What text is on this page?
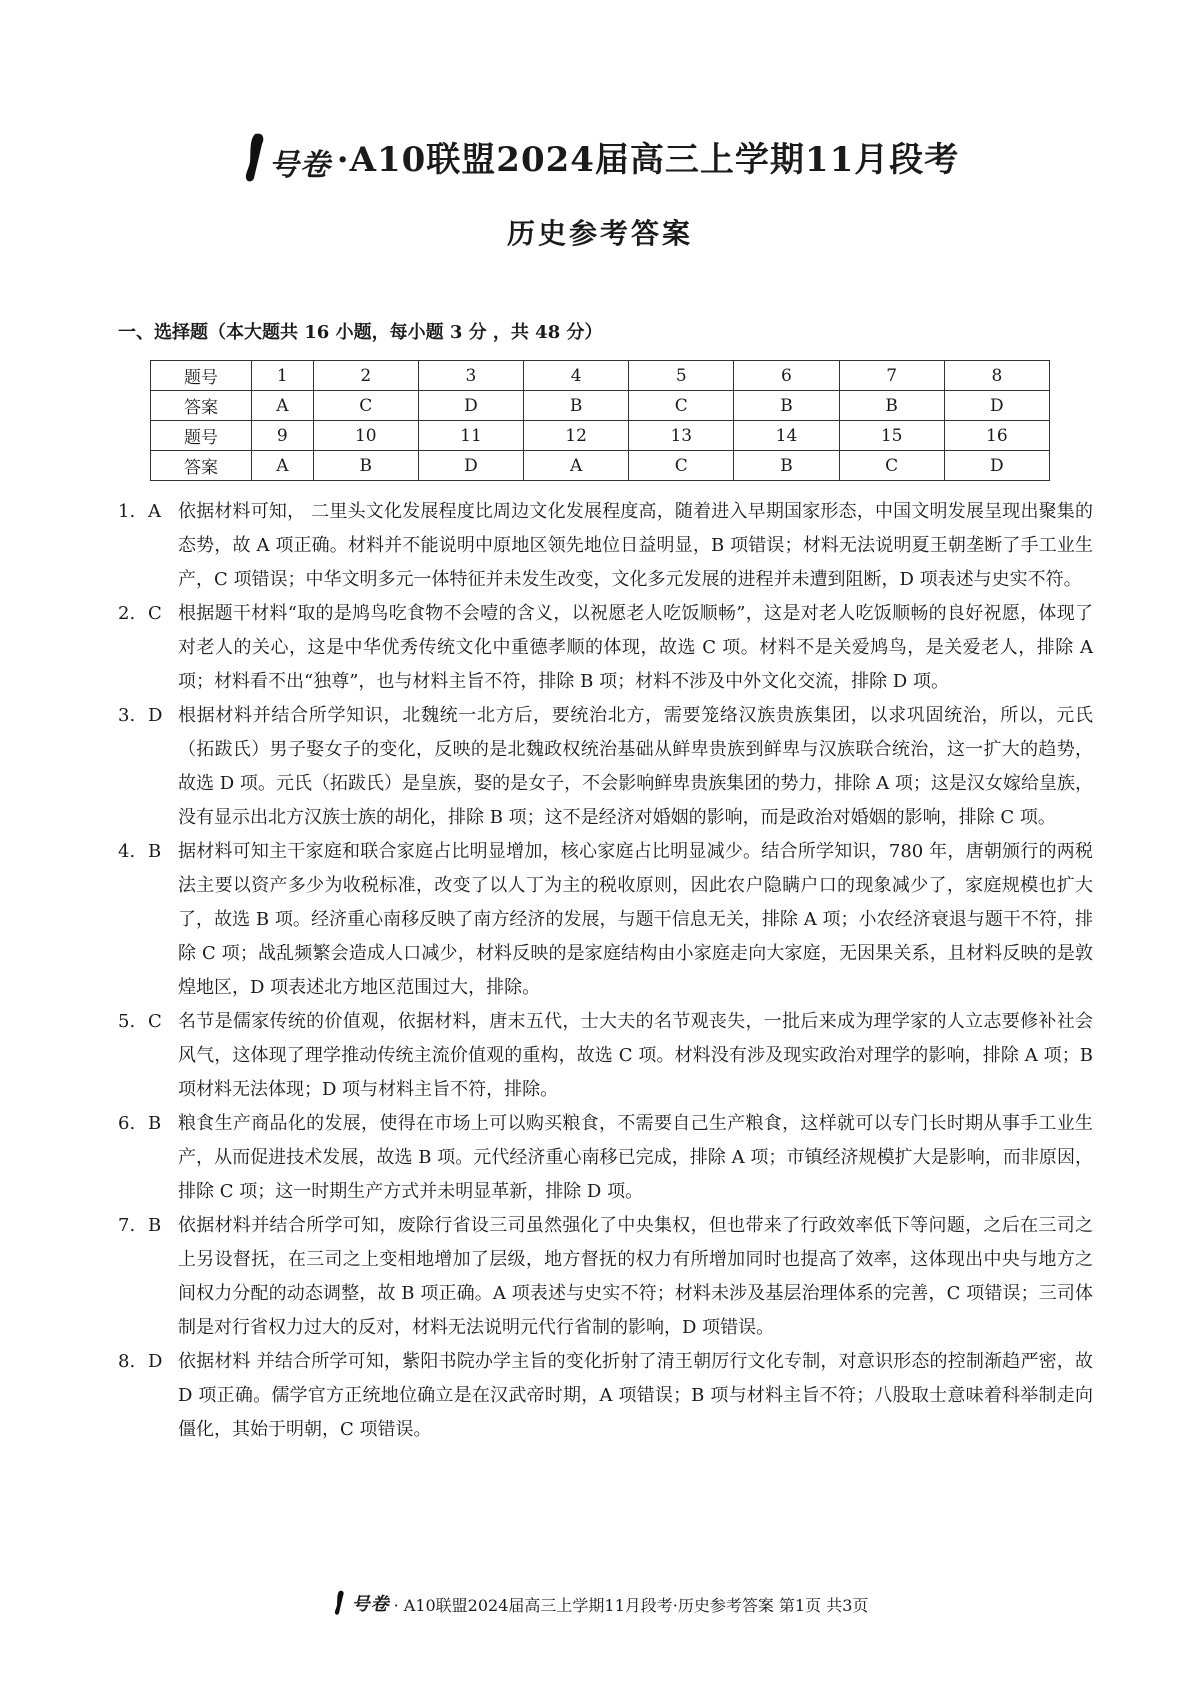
号卷 ·A10联盟2024届高三上学期11月段考
历史参考答案
一、选择题（本大题共 16 小题，每小题 3 分 ，共 48 分）
题号	1	2	3	4	5	6	7	8
答案	A	C	D	B	C	B	B	D
题号	9	10	11	12	13	14	15	16
答案	A	B	D	A	C	B	C	D
1. A 依据材料可知， 二里头文化发展程度比周边文化发展程度高，随着进入早期国家形态，中国文明发展呈现出聚集的态势，故 A 项正确。材料并不能说明中原地区领先地位日益明显，B 项错误；材料无法说明夏王朝垄断了手工业生产，C 项错误；中华文明多元一体特征并未发生改变，文化多元发展的进程并未遭到阻断，D 项表述与史实不符。
2. C 根据题干材料“取的是鸠鸟吃食物不会噎的含义，以祝愿老人吃饭顺畅”，这是对老人吃饭顺畅的良好祝愿，体现了对老人的关心，这是中华优秀传统文化中重德孝顺的体现，故选 C 项。材料不是关爱鸠鸟，是关爱老人，排除 A 项；材料看不出“独尊”，也与材料主旨不符，排除 B 项；材料不涉及中外文化交流，排除 D 项。
3. D 根据材料并结合所学知识，北魏统一北方后，要统治北方，需要笼络汉族贵族集团，以求巩固统治，所以，元氏（拓跋氏）男子娶女子的变化，反映的是北魏政权统治基础从鲜卑贵族到鲜卑与汉族联合统治，这一扩大的趋势，故选 D 项。元氏（拓跋氏）是皇族，娶的是女子，不会影响鲜卑贵族集团的势力，排除 A 项；这是汉女嫁给皇族，没有显示出北方汉族士族的胡化，排除 B 项；这不是经济对婚姻的影响，而是政治对婚姻的影响，排除 C 项。
4. B 据材料可知主干家庭和联合家庭占比明显增加，核心家庭占比明显减少。结合所学知识，780 年，唐朝颁行的两税法主要以资产多少为收税标准，改变了以人丁为主的税收原则，因此农户隐瞒户口的现象减少了，家庭规模也扩大了，故选 B 项。经济重心南移反映了南方经济的发展，与题干信息无关，排除 A 项；小农经济衰退与题干不符，排除 C 项；战乱频繁会造成人口减少，材料反映的是家庭结构由小家庭走向大家庭，无因果关系，且材料反映的是敦煌地区，D 项表述北方地区范围过大，排除。
5. C 名节是儒家传统的价值观，依据材料，唐末五代，士大夫的名节观丧失，一批后来成为理学家的人立志要修补社会风气，这体现了理学推动传统主流价值观的重构，故选 C 项。材料没有涉及现实政治对理学的影响，排除 A 项；B 项材料无法体现；D 项与材料主旨不符，排除。
6. B 粮食生产商品化的发展，使得在市场上可以购买粮食，不需要自己生产粮食，这样就可以专门长时期从事手工业生产，从而促进技术发展，故选 B 项。元代经济重心南移已完成，排除 A 项；市镇经济规模扩大是影响，而非原因，排除 C 项；这一时期生产方式并未明显革新，排除 D 项。
7. B 依据材料并结合所学可知，废除行省设三司虽然强化了中央集权，但也带来了行政效率低下等问题，之后在三司之上另设督抚，在三司之上变相地增加了层级，地方督抚的权力有所增加同时也提高了效率，这体现出中央与地方之间权力分配的动态调整，故 B 项正确。A 项表述与史实不符；材料未涉及基层治理体系的完善，C 项错误；三司体制是对行省权力过大的反对，材料无法说明元代行省制的影响，D 项错误。
8. D 依据材料 并结合所学可知，紫阳书院办学主旨的变化折射了清王朝厉行文化专制，对意识形态的控制渐趋严密，故 D 项正确。儒学官方正统地位确立是在汉武帝时期，A 项错误；B 项与材料主旨不符；八股取士意味着科举制走向僵化，其始于明朝，C 项错误。
号卷 · A10联盟2024届高三上学期11月段考·历史参考答案 第1页 共3页
